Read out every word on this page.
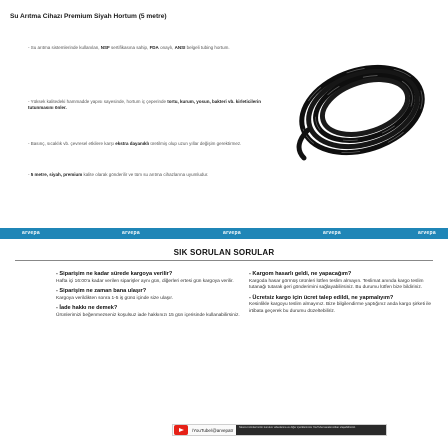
Su Arıtma Cihazı Premium Siyah Hortum (5 metre)
- Su arıtma sistemlerinde kullanılan, NSF sertifikasına sahip, FDA onaylı, ANSI belgeli tubing hortum.
- Yüksek kalitedeki hammadde yapısı sayesinde, hortum iç çeperinde tortu, kurum, yosun, bakteri vb. kirleticilerin tutunmasını önler.
- Basınç, sıcaklık vb. çevresel etkilere karşı ekstra dayanıklı üretilmiş olup uzun yıllar değişim gerektirmez.
- 5 metre, siyah, premium kalite olarak gönderilir ve tüm su arıtma cihazlarına uyumludur.
arvepa	arvepa	arvepa	arvepa	arvepa
SIK SORULAN SORULAR
- Siparişim ne kadar sürede kargoya verilir?
Hafta içi 16:00'a kadar verilen siparişler aynı gün, diğerleri ertesi gün kargoya verilir.
- Siparişim ne zaman bana ulaşır?
Kargoya verildikten sonra 1-5 iş günü içinde size ulaşır.
- İade hakkı ne demek?
Ürünlerimizi beğenmezseniz koşulsuz iade hakkınızı 15 gün içerisinde kullanabilirsiniz.
- Kargom hasarlı geldi, ne yapacağım?
Kargoda hasar görmüş ürünleri lütfen teslim almayın. Teslimat anında kargo teslim tutanağı tutarak geri gönderimini sağlayabilirsiniz. Bu durumu lütfen bize bildiriniz.
- Ücretsiz kargo için ücret talep edildi, ne yapmalıyım?
Kesinlikle kargoyu teslim almayınız. Bize bilgilendirme yaptığınız anda kargo şirketi ile irtibata geçerek bu durumu düzeltebiliriz.
/YouTube/@arvepatr
Mevcut ürünlerimizin kurulum videolarına ve diğer içeriklerimize YouTube kanalımızdan ulaşabilirsiniz.
